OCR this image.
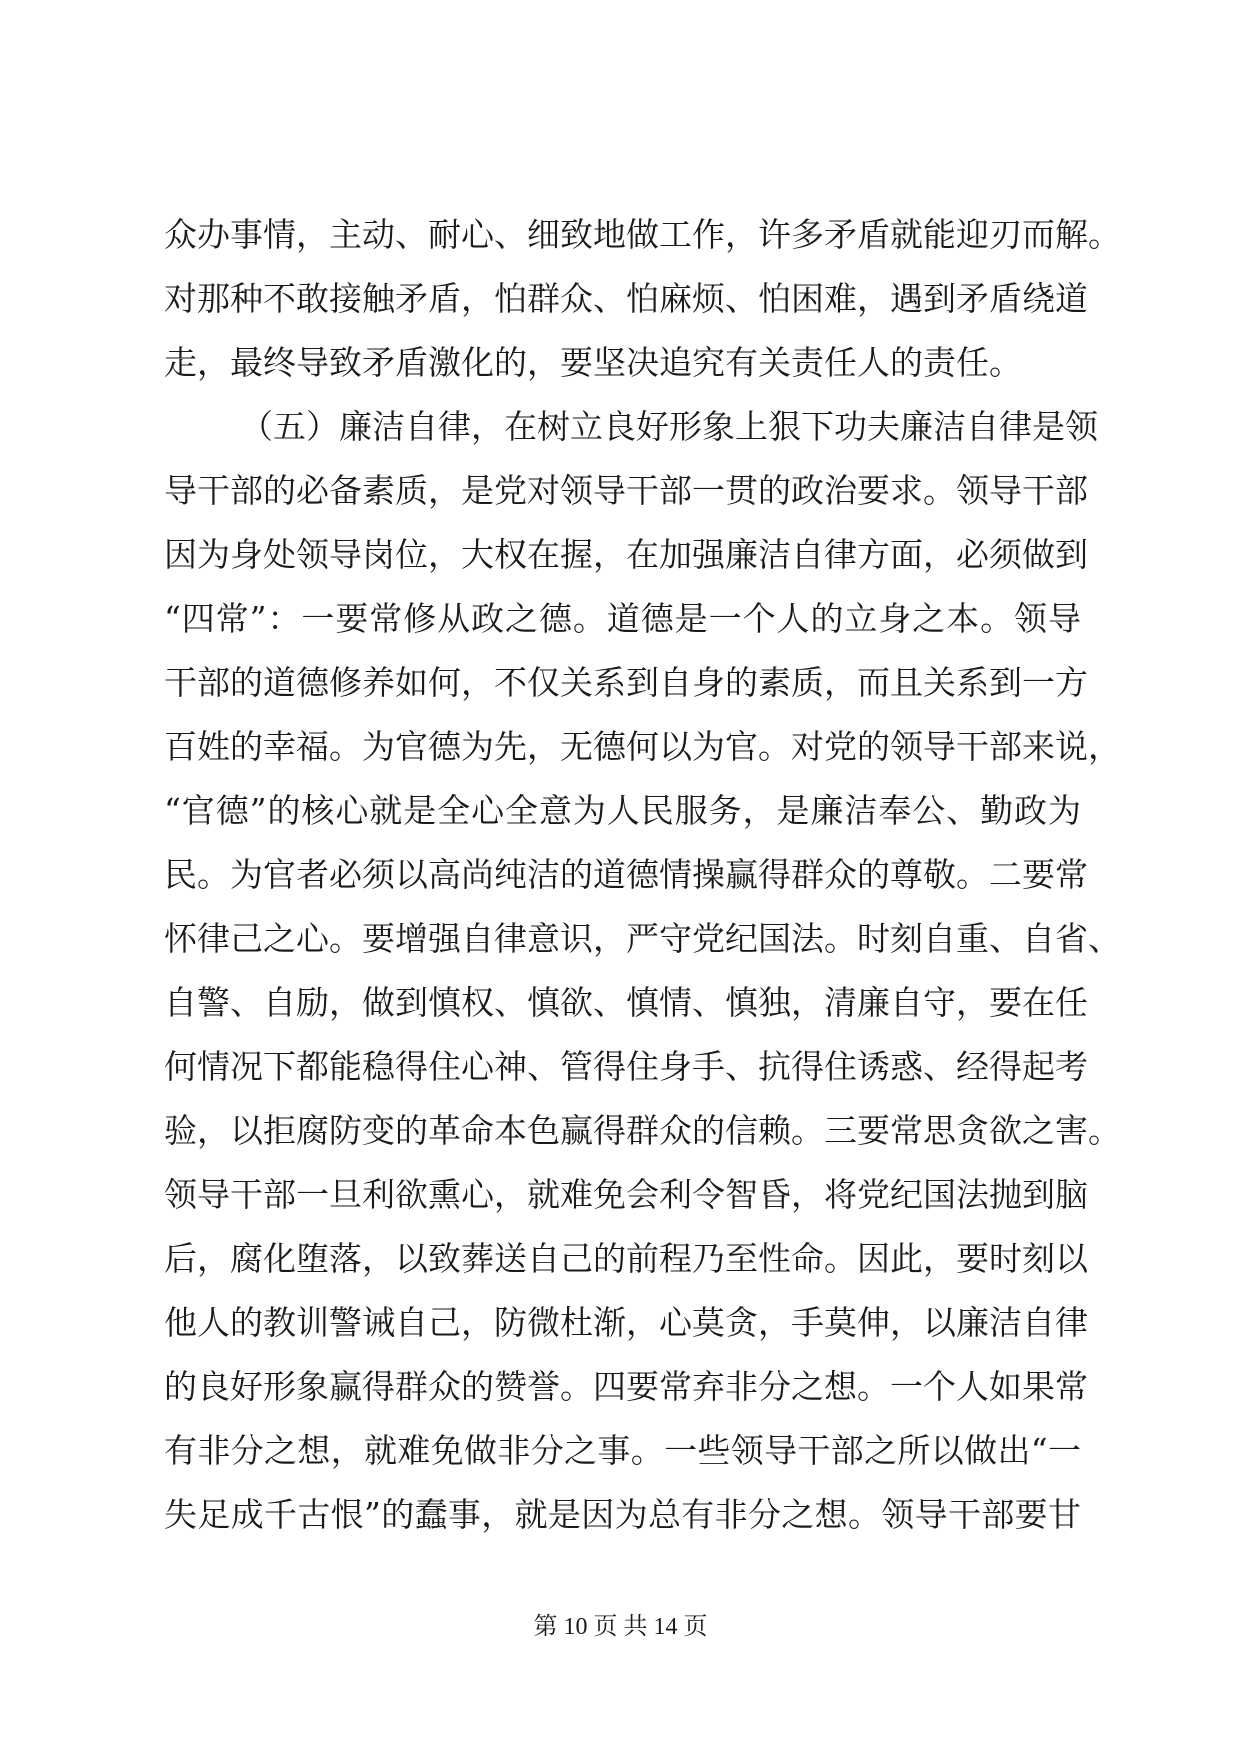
众办事情，主动、耐心、细致地做工作，许多矛盾就能迎刃而解。
对那种不敢接触矛盾，怕群众、怕麻烦、怕困难，遇到矛盾绕道
走，最终导致矛盾激化的，要坚决追究有关责任人的责任。
（五）廉洁自律，在树立良好形象上狠下功夫廉洁自律是领
导干部的必备素质，是党对领导干部一贯的政治要求。领导干部
因为身处领导岗位，大权在握，在加强廉洁自律方面，必须做到
“四常”：一要常修从政之德。道德是一个人的立身之本。领导
干部的道德修养如何，不仅关系到自身的素质，而且关系到一方
百姓的幸福。为官德为先，无德何以为官。对党的领导干部来说，
“官德”的核心就是全心全意为人民服务，是廉洁奉公、勤政为
民。为官者必须以高尚纯洁的道德情操赢得群众的尊敬。二要常
怀律己之心。要增强自律意识，严守党纪国法。时刻自重、自省、
自警、自励，做到慎权、慎欲、慎情、慎独，清廉自守，要在任
何情况下都能稳得住心神、管得住身手、抗得住诱惑、经得起考
验，以拒腐防变的革命本色赢得群众的信赖。三要常思贪欲之害。
领导干部一旦利欲熏心，就难免会利令智昏，将党纪国法抛到脑
后，腐化堕落，以致葬送自己的前程乃至性命。因此，要时刻以
他人的教训警诫自己，防微杜渐，心莫贪，手莫伸，以廉洁自律
的良好形象赢得群众的赞誉。四要常弃非分之想。一个人如果常
有非分之想，就难免做非分之事。一些领导干部之所以做出“一
失足成千古恨”的蠢事，就是因为总有非分之想。领导干部要甘
第 10 页 共 14 页
